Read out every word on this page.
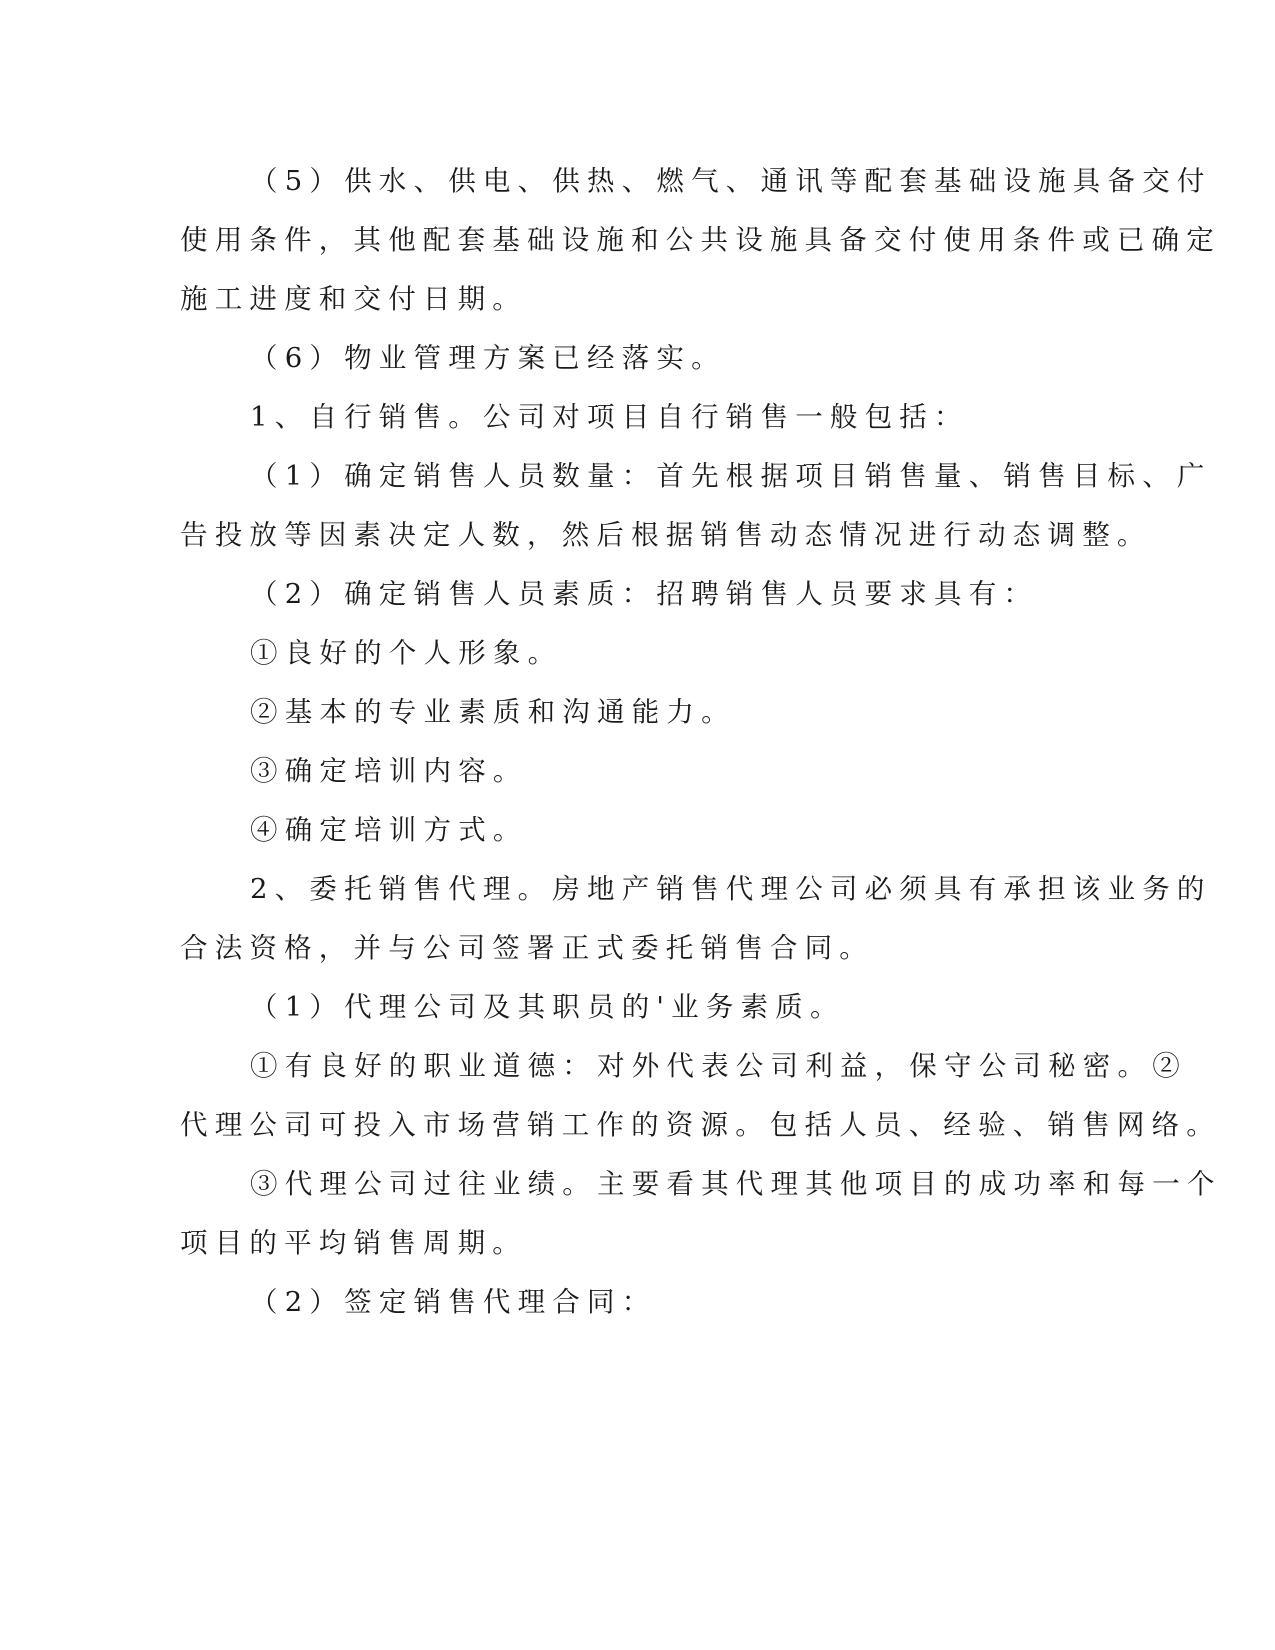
（5）供水、供电、供热、燃气、通讯等配套基础设施具备交付
使用条件，其他配套基础设施和公共设施具备交付使用条件或已确定
施工进度和交付日期。
（6）物业管理方案已经落实。
1、自行销售。公司对项目自行销售一般包括：
（1）确定销售人员数量：首先根据项目销售量、销售目标、广
告投放等因素决定人数，然后根据销售动态情况进行动态调整。
（2）确定销售人员素质：招聘销售人员要求具有：
①良好的个人形象。
②基本的专业素质和沟通能力。
③确定培训内容。
④确定培训方式。
2、委托销售代理。房地产销售代理公司必须具有承担该业务的
合法资格，并与公司签署正式委托销售合同。
（1）代理公司及其职员的'业务素质。
①有良好的职业道德：对外代表公司利益，保守公司秘密。②
代理公司可投入市场营销工作的资源。包括人员、经验、销售网络。
③代理公司过往业绩。主要看其代理其他项目的成功率和每一个
项目的平均销售周期。
（2）签定销售代理合同：
